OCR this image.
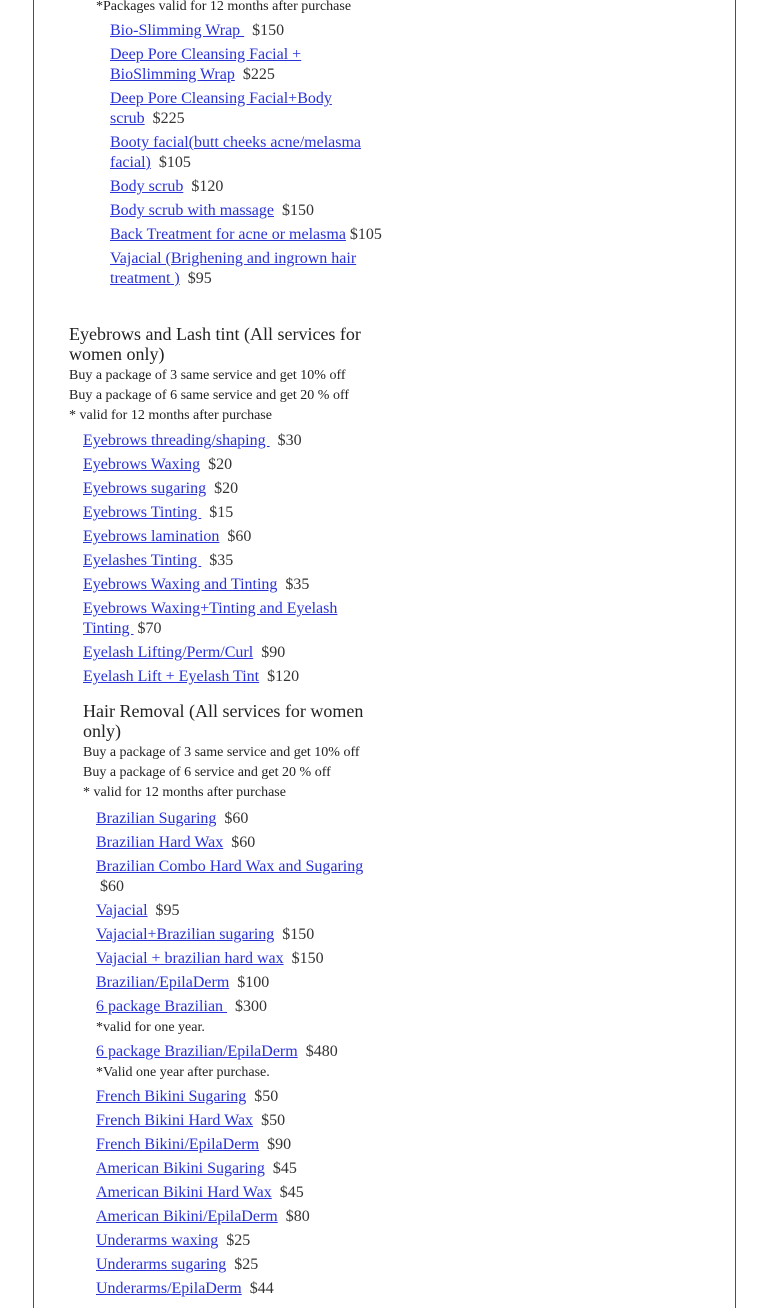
*Packages valid for 12 months after purchase

Bio-Slimming Wrap $150
Deep Pore Cleansing Facial + BioSlimming Wrap $225
Deep Pore Cleansing Facial+Body scrub $225
Booty facial(butt cheeks acne/melasma facial) $105
Body scrub $120
Body scrub with massage $150
Back Treatment for acne or melasma $105
Vajacial (Brighening and ingrown hair treatment ) $95

Eyebrows and Lash tint (All services for women only)

Buy a package of 3 same service and get 10% off

Buy a package of 6 same service and get 20 % off

* valid for 12 months after purchase

Eyebrows threading/shaping $30
Eyebrows Waxing $20
Eyebrows sugaring $20
Eyebrows Tinting $15
Eyebrows lamination $60
Eyelashes Tinting $35
Eyebrows Waxing and Tinting $35
Eyebrows Waxing+Tinting and Eyelash Tinting $70
Eyelash Lifting/Perm/Curl $90
Eyelash Lift + Eyelash Tint $120

Hair Removal (All services for women only)

Buy a package of 3 same service and get 10% off

Buy a package of 6 service and get 20 % off

* valid for 12 months after purchase

Brazilian Sugaring $60
Brazilian Hard Wax $60
Brazilian Combo Hard Wax and Sugaring
$60
Vajacial $95
Vajacial+Brazilian sugaring $150
Vajacial + brazilian hard wax $150
Brazilian/EpilaDerm $100
6 package Brazilian $300

*valid for one year.

6 package Brazilian/EpilaDerm $480

*Valid one year after purchase.

French Bikini Sugaring $50
French Bikini Hard Wax $50
French Bikini/EpilaDerm $90
American Bikini Sugaring $45
American Bikini Hard Wax $45
American Bikini/EpilaDerm $80
Underarms waxing $25
Underarms sugaring $25
Underarms/EpilaDerm $44
